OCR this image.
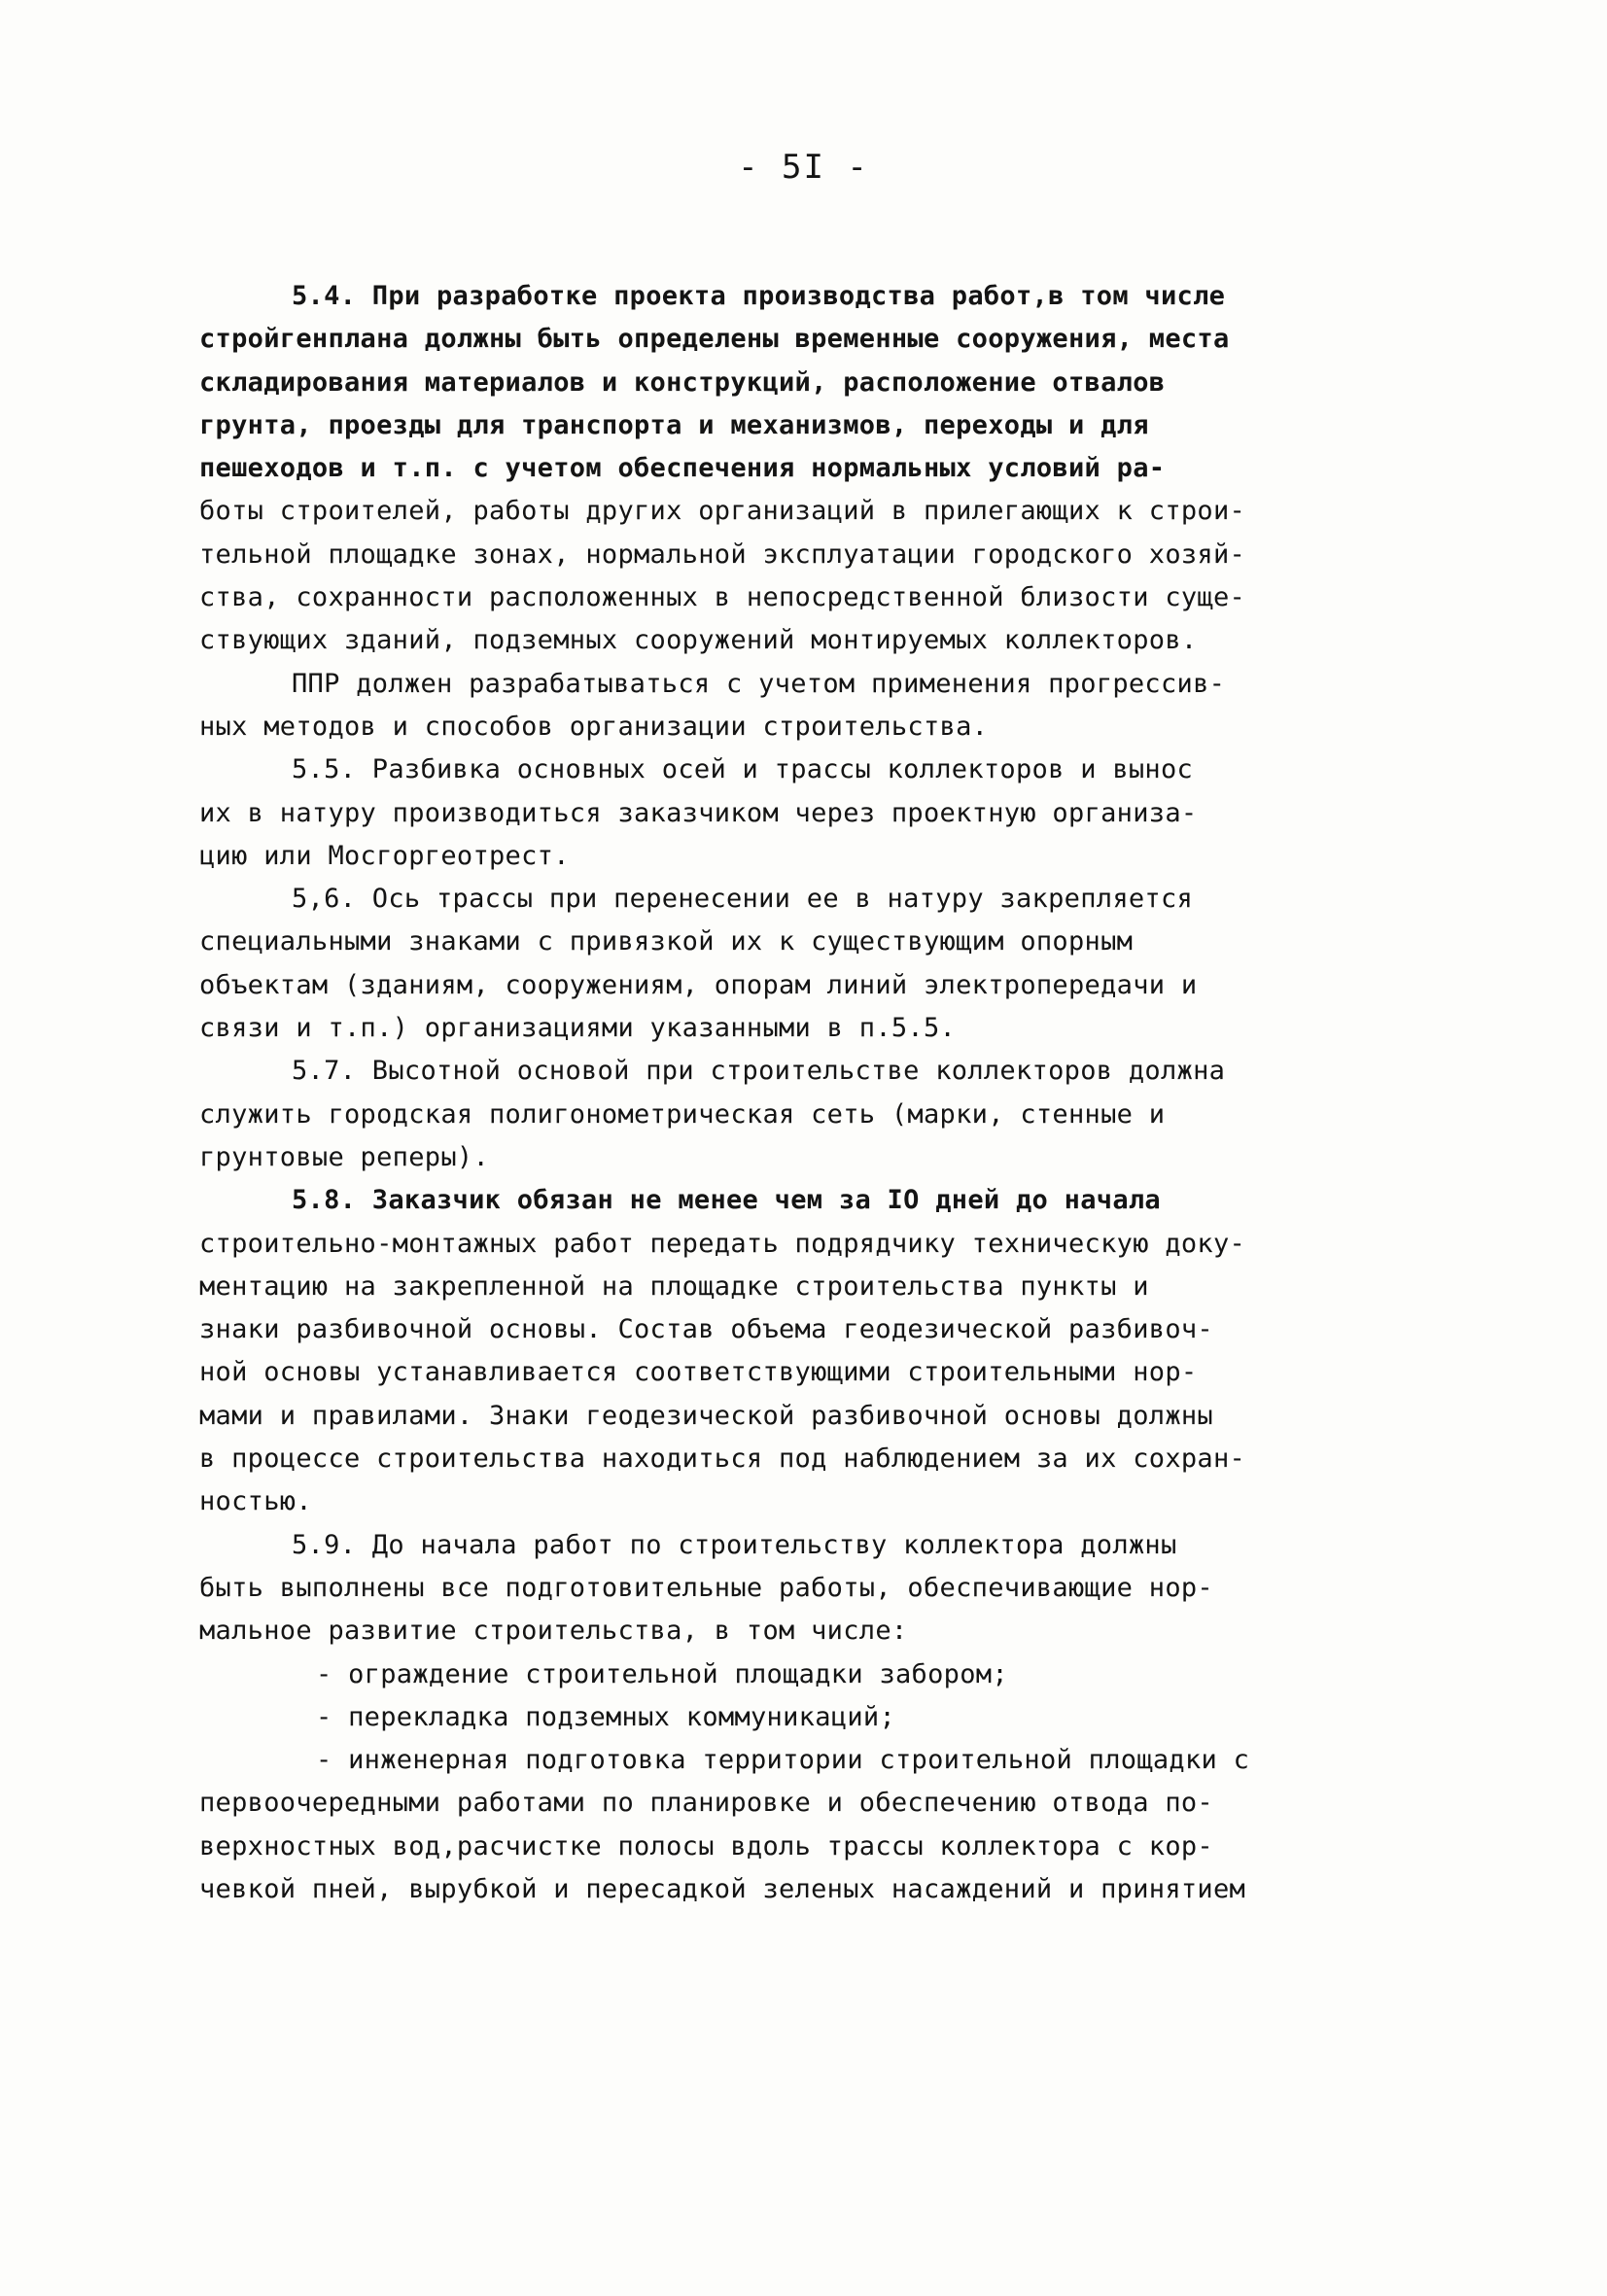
- 5I -
5.4. При разработке проекта производства работ,в том числе
стройгенплана должны быть определены временные сооружения, места
складирования материалов и конструкций, расположение отвалов
грунта, проезды для транспорта и механизмов, переходы и для
пешеходов и т.п. с учетом обеспечения нормальных условий ра-
боты строителей, работы других организаций в прилегающих к строи-
тельной площадке зонах, нормальной эксплуатации городского хозяй-
ства, сохранности расположенных в непосредственной близости суще-
ствующих зданий, подземных сооружений монтируемых коллекторов.
ППР должен разрабатываться с учетом применения прогрессив-
ных методов и способов организации строительства.
5.5. Разбивка основных осей и трассы коллекторов и вынос
их в натуру производиться заказчиком через проектную организа-
цию или Мосгоргеотрест.
5,6. Ось трассы при перенесении ее в натуру закрепляется
специальными знаками с привязкой их к существующим опорным
объектам (зданиям, сооружениям, опорам линий электропередачи и
связи и т.п.) организациями указанными в п.5.5.
5.7. Высотной основой при строительстве коллекторов должна
служить городская полигонометрическая сеть (марки, стенные и
грунтовые реперы).
5.8. Заказчик обязан не менее чем за IO дней до начала
строительно-монтажных работ передать подрядчику техническую доку-
ментацию на закрепленной на площадке строительства пункты и
знаки разбивочной основы. Состав объема геодезической разбивоч-
ной основы устанавливается соответствующими строительными нор-
мами и правилами. Знаки геодезической разбивочной основы должны
в процессе строительства находиться под наблюдением за их сохран-
ностью.
5.9. До начала работ по строительству коллектора должны
быть выполнены все подготовительные работы, обеспечивающие нор-
мальное развитие строительства, в том числе:
- ограждение строительной площадки забором;
- перекладка подземных коммуникаций;
- инженерная подготовка территории строительной площадки с
первоочередными работами по планировке и обеспечению отвода по-
верхностных вод,расчистке полосы вдоль трассы коллектора с кор-
чевкой пней, вырубкой и пересадкой зеленых насаждений и принятием
